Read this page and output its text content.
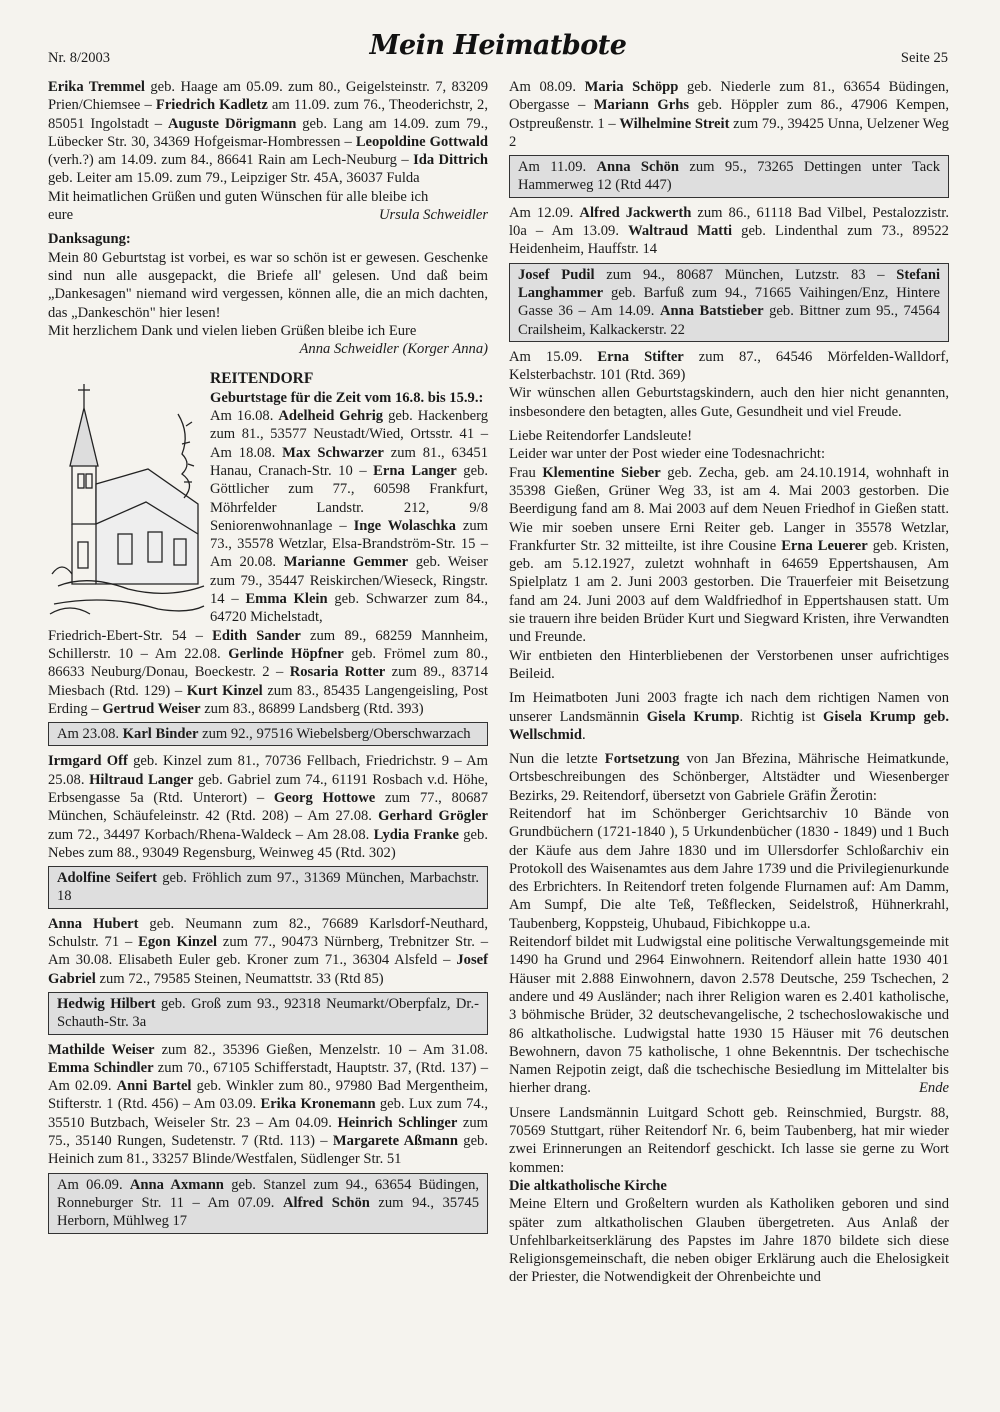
Nr. 8/2003	Mein Heimatbote	Seite 25

Erika Tremmel geb. Haage am 05.09. zum 80., Geigelsteinstr. 7, 83209 Prien/Chiemsee – Friedrich Kadletz am 11.09. zum 76., Theoderichstr, 2, 85051 Ingolstadt – Auguste Dörigmann geb. Lang am 14.09. zum 79., Lübecker Str. 30, 34369 Hofgeismar-Hombressen – Leopoldine Gottwald (verh.?) am 14.09. zum 84., 86641 Rain am Lech-Neuburg – Ida Dittrich geb. Leiter am 15.09. zum 79., Leipziger Str. 45A, 36037 Fulda

Mit heimatlichen Grüßen und guten Wünschen für alle bleibe ich

eure	Ursula Schweidler

Danksagung:

Mein 80 Geburtstag ist vorbei, es war so schön ist er gewesen. Geschenke sind nun alle ausgepackt, die Briefe all' gelesen. Und daß beim „Dankesagen" niemand wird vergessen, können alle, die an mich dachten, das „Dankeschön" hier lesen!

Mit herzlichem Dank und vielen lieben Grüßen bleibe ich Eure

Anna Schweidler (Korger Anna)

REITENDORF

Geburtstage für die Zeit vom 16.8. bis 15.9.:

Am 16.08. Adelheid Gehrig geb. Hackenberg zum 81., 53577 Neustadt/Wied, Ortsstr. 41 – Am 18.08. Max Schwarzer zum 81., 63451 Hanau, Cranach-Str. 10 – Erna Langer geb. Göttlicher zum 77., 60598 Frankfurt, Möhrfelder Landstr. 212, 9/8 Seniorenwohnanlage – Inge Wolaschka zum 73., 35578 Wetzlar, Elsa-Brandström-Str. 15 – Am 20.08. Marianne Gemmer geb. Weiser zum 79., 35447 Reiskirchen/Wieseck, Ringstr. 14 – Emma Klein geb. Schwarzer zum 84., 64720 Michelstadt,

Friedrich-Ebert-Str. 54 – Edith Sander zum 89., 68259 Mannheim, Schillerstr. 10 – Am 22.08. Gerlinde Höpfner geb. Frömel zum 80., 86633 Neuburg/Donau, Boeckestr. 2 – Rosaria Rotter zum 89., 83714 Miesbach (Rtd. 129) – Kurt Kinzel zum 83., 85435 Langengeisling, Post Erding – Gertrud Weiser zum 83., 86899 Landsberg (Rtd. 393)

Am 23.08. Karl Binder zum 92., 97516 Wiebelsberg/Oberschwarzach

Irmgard Off geb. Kinzel zum 81., 70736 Fellbach, Friedrichstr. 9 – Am 25.08. Hiltraud Langer geb. Gabriel zum 74., 61191 Rosbach v.d. Höhe, Erbsengasse 5a (Rtd. Unterort) – Georg Hottowe zum 77., 80687 München, Schäufeleinstr. 42 (Rtd. 208) – Am 27.08. Gerhard Grögler zum 72., 34497 Korbach/Rhena-Waldeck – Am 28.08. Lydia Franke geb. Nebes zum 88., 93049 Regensburg, Weinweg 45 (Rtd. 302)

Adolfine Seifert geb. Fröhlich zum 97., 31369 München, Marbachstr. 18

Anna Hubert geb. Neumann zum 82., 76689 Karlsdorf-Neuthard, Schulstr. 71 – Egon Kinzel zum 77., 90473 Nürnberg, Trebnitzer Str. – Am 30.08. Elisabeth Euler geb. Kroner zum 71., 36304 Alsfeld – Josef Gabriel zum 72., 79585 Steinen, Neumattstr. 33 (Rtd 85)

Hedwig Hilbert geb. Groß zum 93., 92318 Neumarkt/Oberpfalz, Dr.-Schauth-Str. 3a

Mathilde Weiser zum 82., 35396 Gießen, Menzelstr. 10 – Am 31.08. Emma Schindler zum 70., 67105 Schifferstadt, Hauptstr. 37, (Rtd. 137) – Am 02.09. Anni Bartel geb. Winkler zum 80., 97980 Bad Mergentheim, Stifterstr. 1 (Rtd. 456) – Am 03.09. Erika Kronemann geb. Lux zum 74., 35510 Butzbach, Weiseler Str. 23 – Am 04.09. Heinrich Schlinger zum 75., 35140 Rungen, Sudetenstr. 7 (Rtd. 113) – Margarete Aßmann geb. Heinich zum 81., 33257 Blinde/Westfalen, Südlenger Str. 51

Am 06.09. Anna Axmann geb. Stanzel zum 94., 63654 Büdingen, Ronneburger Str. 11 – Am 07.09. Alfred Schön zum 94., 35745 Herborn, Mühlweg 17

Am 08.09. Maria Schöpp geb. Niederle zum 81., 63654 Büdingen, Obergasse – Mariann Grhs geb. Höppler zum 86., 47906 Kempen, Ostpreußenstr. 1 – Wilhelmine Streit zum 79., 39425 Unna, Uelzener Weg 2

Am 11.09. Anna Schön zum 95., 73265 Dettingen unter Tack Hammerweg 12 (Rtd 447)

Am 12.09. Alfred Jackwerth zum 86., 61118 Bad Vilbel, Pestalozzistr. l0a – Am 13.09. Waltraud Matti geb. Lindenthal zum 73., 89522 Heidenheim, Hauffstr. 14

Josef Pudil zum 94., 80687 München, Lutzstr. 83 – Stefani Langhammer geb. Barfuß zum 94., 71665 Vaihingen/Enz, Hintere Gasse 36 – Am 14.09. Anna Batstieber geb. Bittner zum 95., 74564 Crailsheim, Kalkackerstr. 22

Am 15.09. Erna Stifter zum 87., 64546 Mörfelden-Walldorf, Kelsterbachstr. 101 (Rtd. 369)

Wir wünschen allen Geburtstagskindern, auch den hier nicht genannten, insbesondere den betagten, alles Gute, Gesundheit und viel Freude.

Liebe Reitendorfer Landsleute!

Leider war unter der Post wieder eine Todesnachricht:

Frau Klementine Sieber geb. Zecha, geb. am 24.10.1914, wohnhaft in 35398 Gießen, Grüner Weg 33, ist am 4. Mai 2003 gestorben. Die Beerdigung fand am 8. Mai 2003 auf dem Neuen Friedhof in Gießen statt. Wie mir soeben unsere Erni Reiter geb. Langer in 35578 Wetzlar, Frankfurter Str. 32 mitteilte, ist ihre Cousine Erna Leuerer geb. Kristen, geb. am 5.12.1927, zuletzt wohnhaft in 64659 Eppertshausen, Am Spielplatz 1 am 2. Juni 2003 gestorben. Die Trauerfeier mit Beisetzung fand am 24. Juni 2003 auf dem Waldfriedhof in Eppertshausen statt. Um sie trauern ihre beiden Brüder Kurt und Siegward Kristen, ihre Verwandten und Freunde.

Wir entbieten den Hinterbliebenen der Verstorbenen unser aufrichtiges Beileid.

Im Heimatboten Juni 2003 fragte ich nach dem richtigen Namen von unserer Landsmännin Gisela Krump. Richtig ist Gisela Krump geb. Wellschmid.

Nun die letzte Fortsetzung von Jan Březina, Mährische Heimatkunde, Ortsbeschreibungen des Schönberger, Altstädter und Wiesenberger Bezirks, 29. Reitendorf, übersetzt von Gabriele Gräfin Žerotin:

Reitendorf hat im Schönberger Gerichtsarchiv 10 Bände von Grundbüchern (1721-1840 ), 5 Urkundenbücher (1830 - 1849) und 1 Buch der Käufe aus dem Jahre 1830 und im Ullersdorfer Schloßarchiv ein Protokoll des Waisenamtes aus dem Jahre 1739 und die Privilegienurkunde des Erbrichters. In Reitendorf treten folgende Flurnamen auf: Am Damm, Am Sumpf, Die alte Teß, Teßflecken, Seidelstroß, Hühnerkrahl, Taubenberg, Koppsteig, Uhubaud, Fibichkoppe u.a.

Reitendorf bildet mit Ludwigstal eine politische Verwaltungsgemeinde mit 1490 ha Grund und 2964 Einwohnern. Reitendorf allein hatte 1930 401 Häuser mit 2.888 Einwohnern, davon 2.578 Deutsche, 259 Tschechen, 2 andere und 49 Ausländer; nach ihrer Religion waren es 2.401 katholische, 3 böhmische Brüder, 32 deutschevangelische, 2 tschechoslowakische und 86 altkatholische. Ludwigstal hatte 1930 15 Häuser mit 76 deutschen Bewohnern, davon 75 katholische, 1 ohne Bekenntnis. Der tschechische Namen Rejpotin zeigt, daß die tschechische Besiedlung im Mittelalter bis hierher drang.	Ende

Unsere Landsmännin Luitgard Schott geb. Reinschmied, Burgstr. 88, 70569 Stuttgart, rüher Reitendorf Nr. 6, beim Taubenberg, hat mir wieder zwei Erinnerungen an Reitendorf geschickt. Ich lasse sie gerne zu Wort kommen:

Die altkatholische Kirche

Meine Eltern und Großeltern wurden als Katholiken geboren und sind später zum altkatholischen Glauben übergetreten. Aus Anlaß der Unfehlbarkeitserklärung des Papstes im Jahre 1870 bildete sich diese Religionsgemeinschaft, die neben obiger Erklärung auch die Ehelosigkeit der Priester, die Notwendigkeit der Ohrenbeichte und
